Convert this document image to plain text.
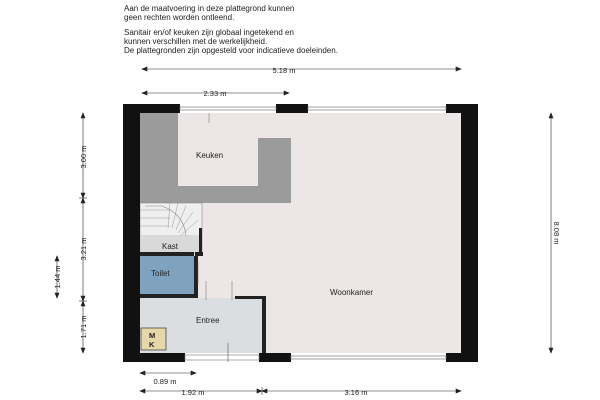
Aan de maatvoering in deze plattegrond kunnen
geen rechten worden ontleend.
Sanitair en/of keuken zijn globaal ingetekend en
kunnen verschillen met de werkelijkheid.
De plattegronden zijn opgesteld voor indicatieve doeleinden.
Keuken
Kast
Toilet
Woonkamer
Entree
M
K
5.18 m
2.33 m
0.89 m
1.92 m	3.16 m
3.00 m
3.21 m
1.71 m
1.44 m
8.08 m
